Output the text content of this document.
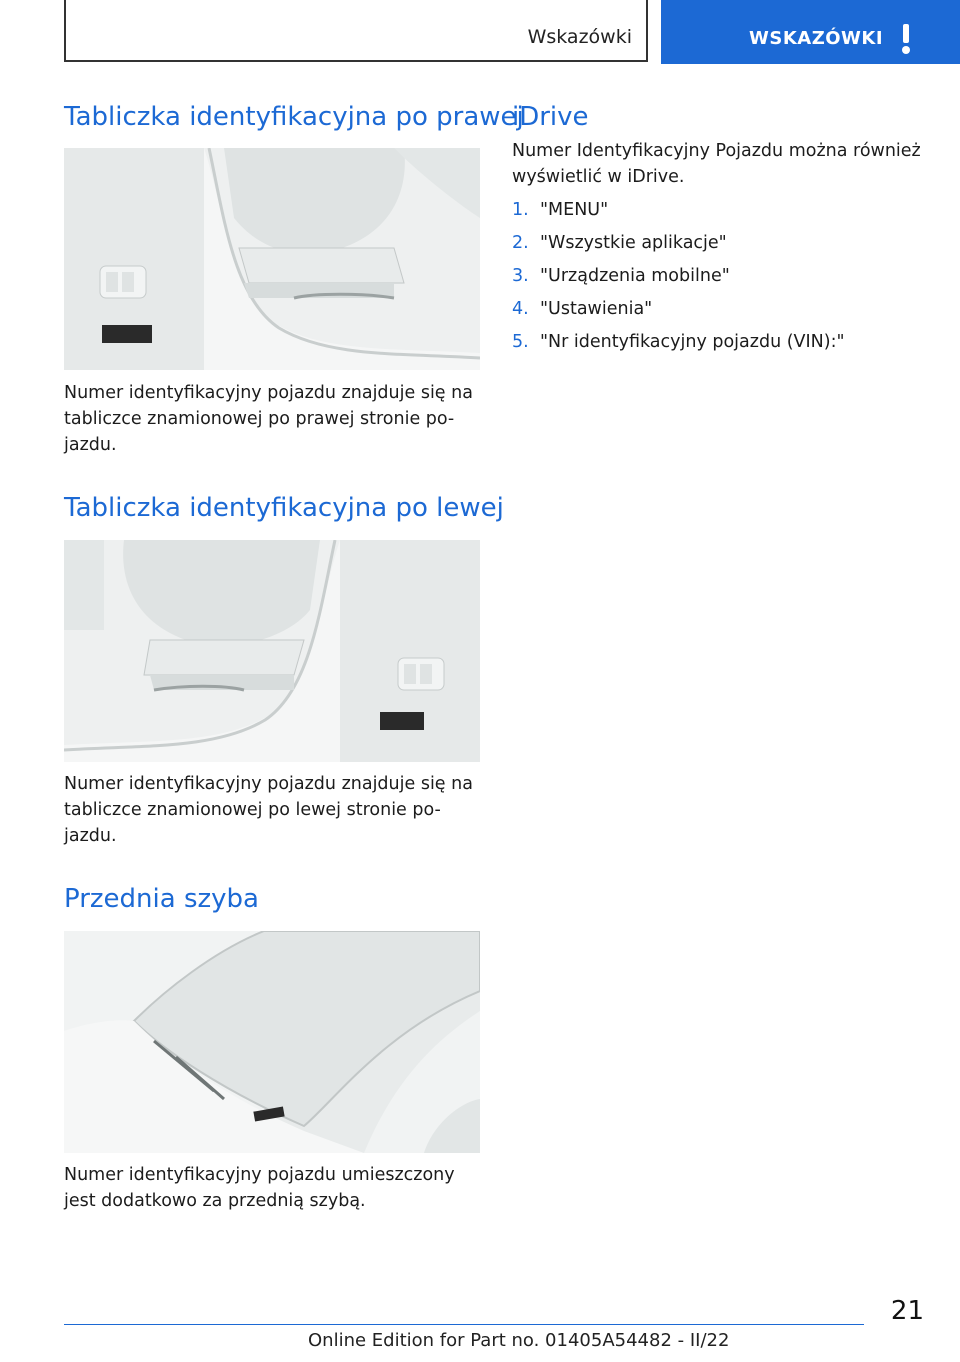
Wskazówki	WSKAZÓWKI
Tabliczka identyfikacyjna po prawej

Numer identyfikacyjny pojazdu znajduje się na
tabliczce znamionowej po prawej stronie po-
jazdu.

Tabliczka identyfikacyjna po lewej

Numer identyfikacyjny pojazdu znajduje się na
tabliczce znamionowej po lewej stronie po-
jazdu.

Przednia szyba

Numer identyfikacyjny pojazdu umieszczony
jest dodatkowo za przednią szybą.

iDrive

Numer Identyfikacyjny Pojazdu można również
wyświetlić w iDrive.

1. "MENU"
2. "Wszystkie aplikacje"
3. "Urządzenia mobilne"
4. "Ustawienia"
5. "Nr identyfikacyjny pojazdu (VIN):"
21
Online Edition for Part no. 01405A54482 - II/22
